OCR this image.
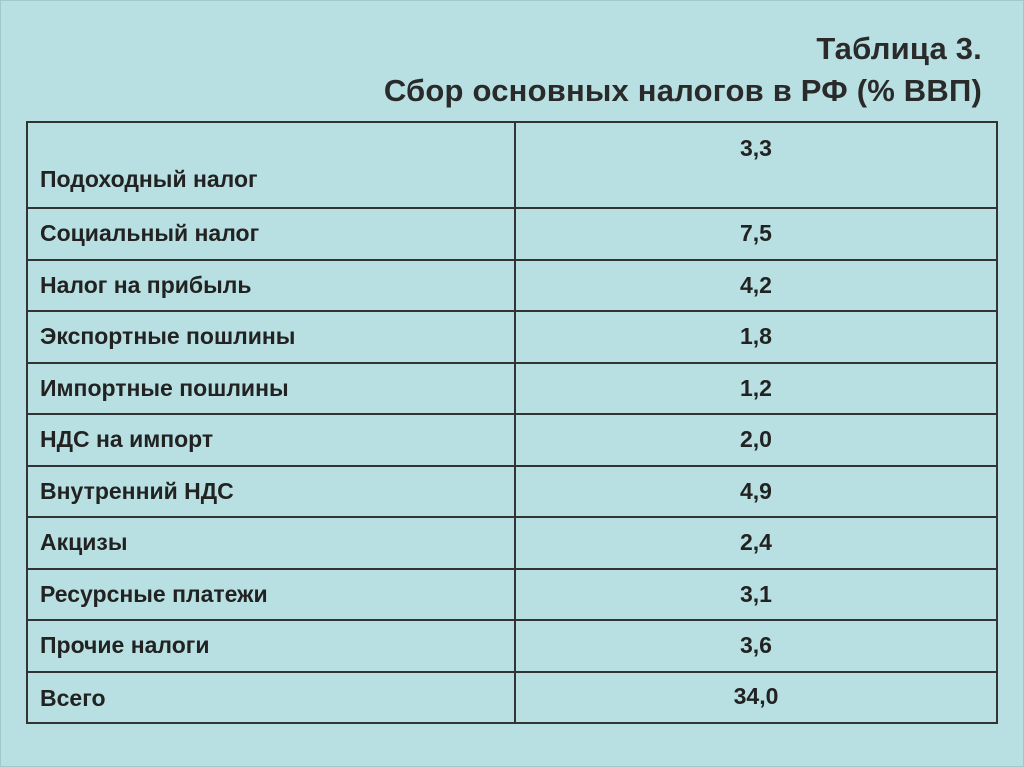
Таблица 3.
Сбор основных налогов в РФ (% ВВП)
Подоходный налог	3,3
Социальный налог	7,5
Налог на прибыль	4,2
Экспортные пошлины	1,8
Импортные пошлины	1,2
НДС на импорт	2,0
Внутренний НДС	4,9
Акцизы	2,4
Ресурсные платежи	3,1
Прочие налоги	3,6
Всего	34,0
